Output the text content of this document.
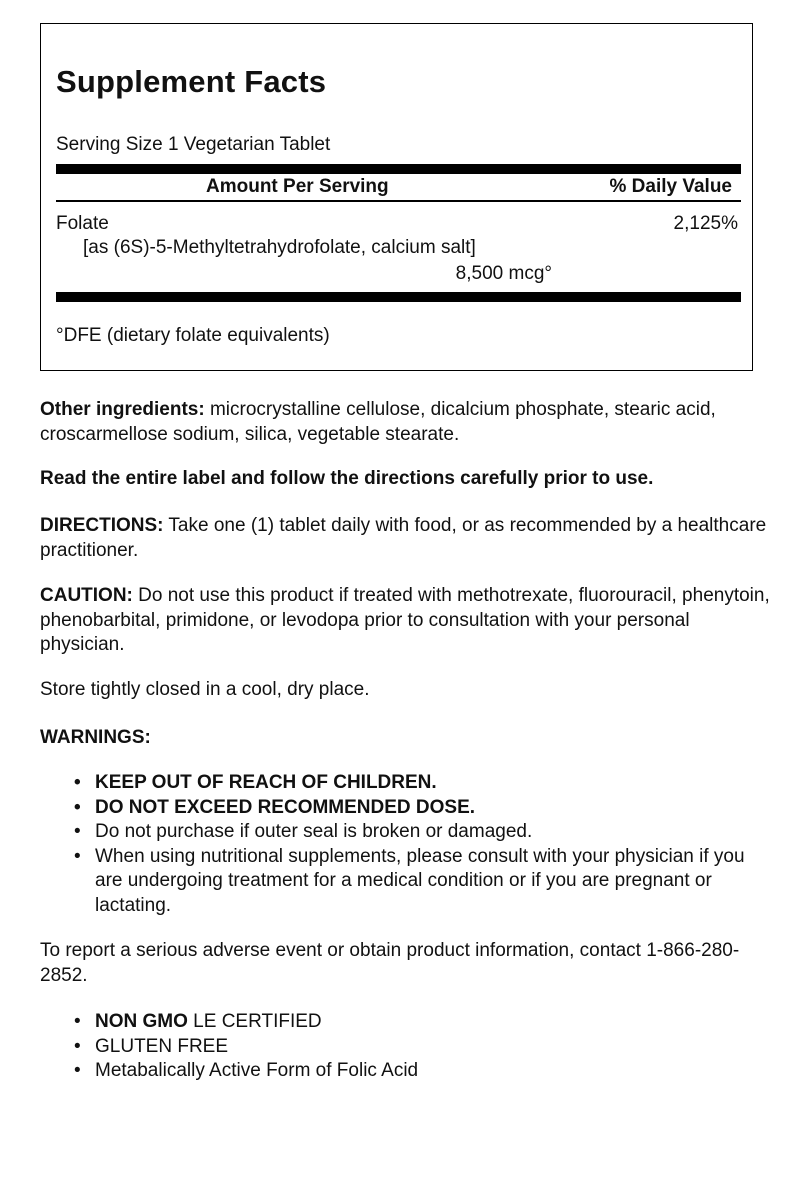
Supplement Facts
Serving Size 1 Vegetarian Tablet
Amount Per Serving	% Daily Value
Folate
[as (6S)-5-Methyltetrahydrofolate, calcium salt]
8,500 mcg°
2,125%
°DFE (dietary folate equivalents)

Other ingredients: microcrystalline cellulose, dicalcium phosphate, stearic acid, croscarmellose sodium, silica, vegetable stearate.

Read the entire label and follow the directions carefully prior to use.

DIRECTIONS: Take one (1) tablet daily with food, or as recommended by a healthcare practitioner.

CAUTION: Do not use this product if treated with methotrexate, fluorouracil, phenytoin, phenobarbital, primidone, or levodopa prior to consultation with your personal physician.

Store tightly closed in a cool, dry place.

WARNINGS:

• KEEP OUT OF REACH OF CHILDREN.
• DO NOT EXCEED RECOMMENDED DOSE.
• Do not purchase if outer seal is broken or damaged.
• When using nutritional supplements, please consult with your physician if you are undergoing treatment for a medical condition or if you are pregnant or lactating.

To report a serious adverse event or obtain product information, contact 1-866-280-2852.

• NON GMO LE CERTIFIED
• GLUTEN FREE
• Metabalically Active Form of Folic Acid
